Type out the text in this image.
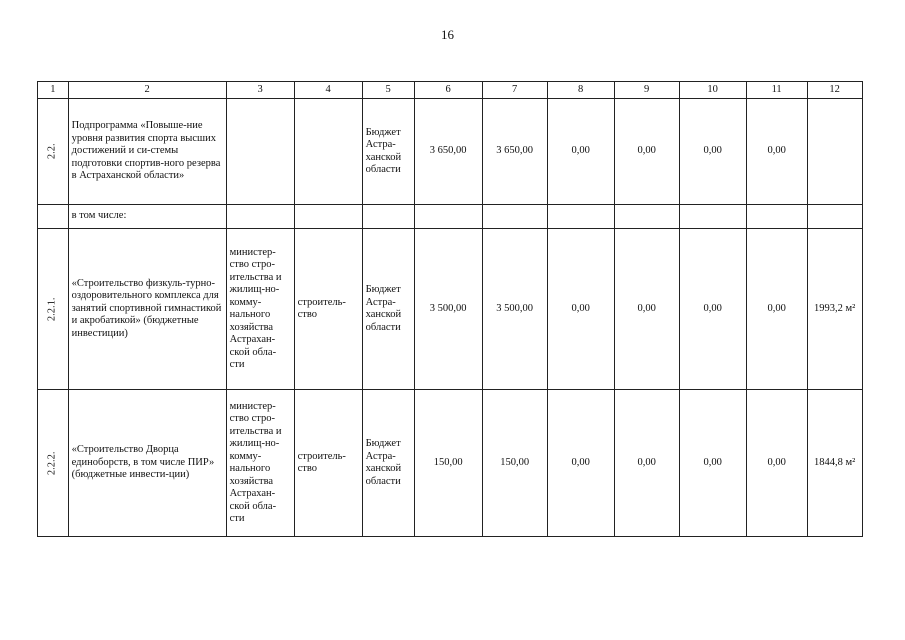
16
1	2	3	4	5	6	7	8	9	10	11	12
2.2.	Подпрограмма «Повыше-ние уровня развития спорта высших достижений и си-стемы подготовки спортив-ного резерва в Астраханской области»			Бюджет Астра-ханской области	3 650,00	3 650,00	0,00	0,00	0,00	0,00	
	в том числе:										
2.2.1.	«Строительство физкуль-турно-оздоровительного комплекса для занятий спортивной гимнастикой и акробатикой» (бюджетные инвестиции)	министер-ство стро-ительства и жилищ-но-комму-нального хозяйства Астрахан-ской обла-сти	строитель-ство	Бюджет Астра-ханской области	3 500,00	3 500,00	0,00	0,00	0,00	0,00	1993,2 м²
2.2.2.	«Строительство Дворца единоборств, в том числе ПИР» (бюджетные инвести-ции)	министер-ство стро-ительства и жилищ-но-комму-нального хозяйства Астрахан-ской обла-сти	строитель-ство	Бюджет Астра-ханской области	150,00	150,00	0,00	0,00	0,00	0,00	1844,8 м²
